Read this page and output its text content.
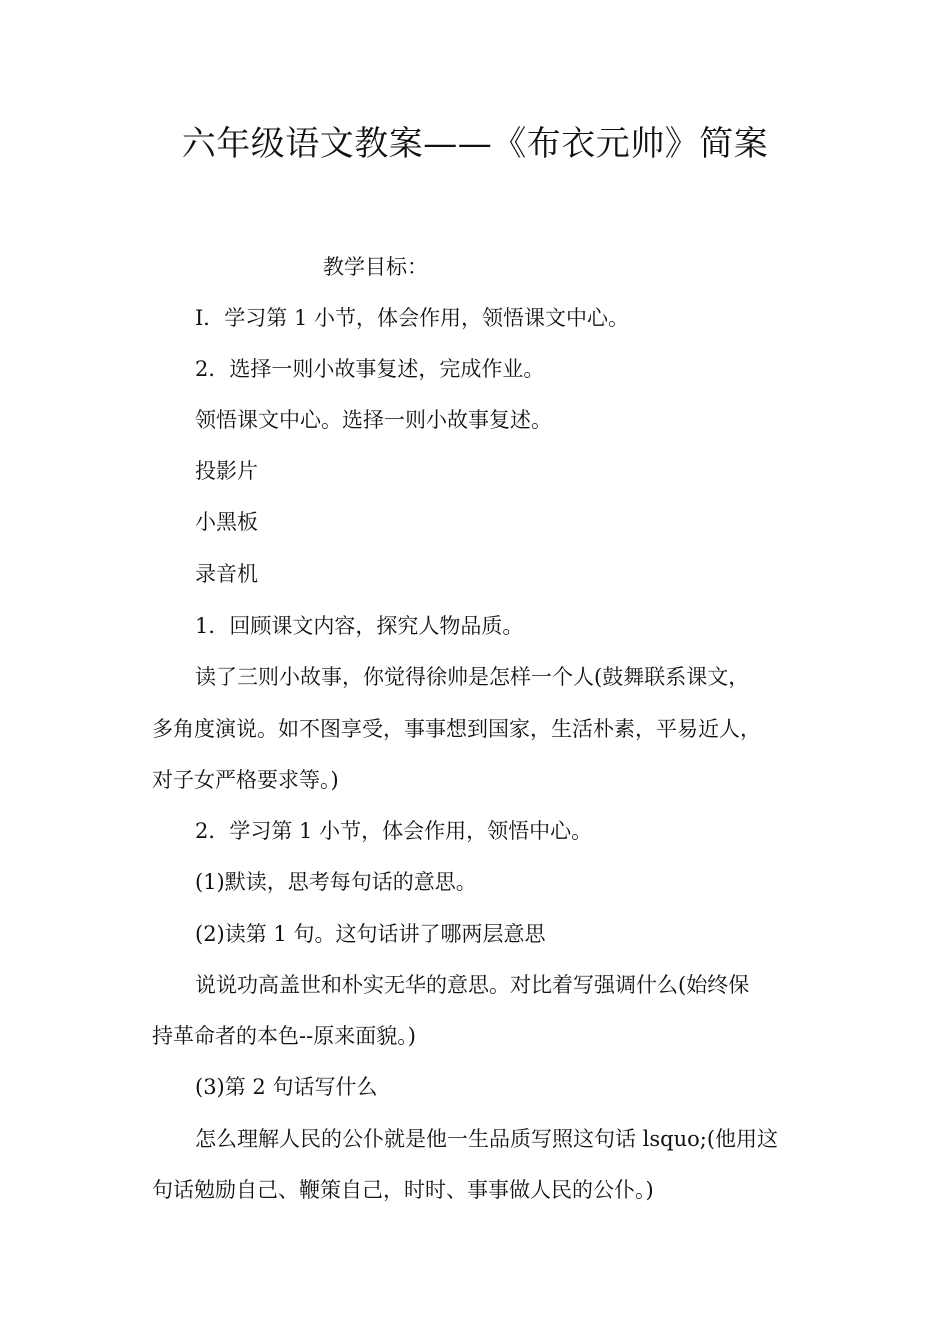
六年级语文教案——《布衣元帅》简案
教学目标：
I．学习第 1 小节，体会作用，领悟课文中心。
2．选择一则小故事复述，完成作业。
领悟课文中心。选择一则小故事复述。
投影片
小黑板
录音机
1．回顾课文内容，探究人物品质。
读了三则小故事，你觉得徐帅是怎样一个人(鼓舞联系课文，
多角度演说。如不图享受，事事想到国家，生活朴素，平易近人，
对子女严格要求等。)
2．学习第 1 小节，体会作用，领悟中心。
(1)默读，思考每句话的意思。
(2)读第 1 句。这句话讲了哪两层意思
说说功高盖世和朴实无华的意思。对比着写强调什么(始终保
持革命者的本色--原来面貌。)
(3)第 2 句话写什么
怎么理解人民的公仆就是他一生品质写照这句话 lsquo;(他用这
句话勉励自己、鞭策自己，时时、事事做人民的公仆。)
